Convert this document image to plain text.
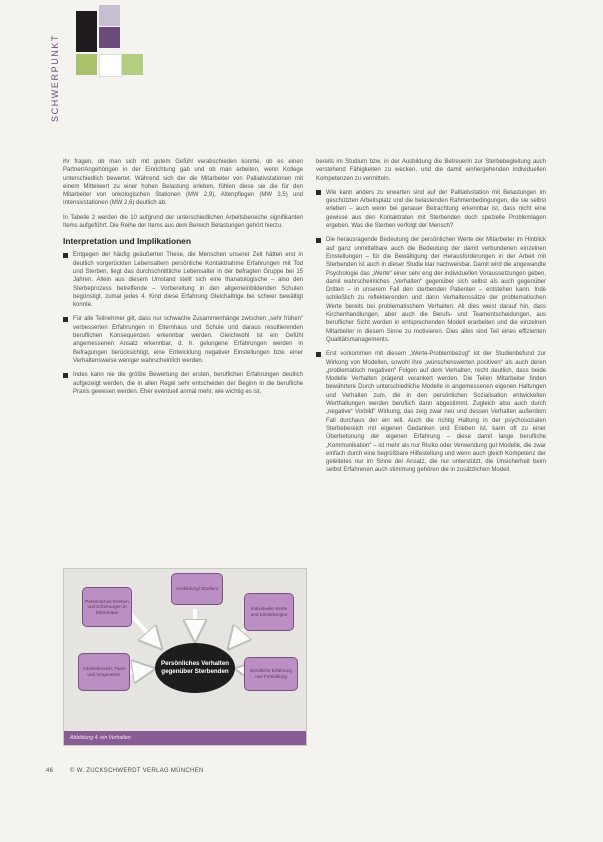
SCHWERPUNKT

ihr fragen, ob man sich mit gutem Gefühl verabschieden konnte, ob es einen Partner/Angehörigen in der Einrichtung gab und ob man arbeiten, wenn Kollege unterschiedlich bewertet. Während sich der die Mitarbeiter von Palliativstationen mit einem Mittelwert zu einer hohen Belastung erleben, fühlen diese sie die für den Mitarbeiter von onkologischen Stationen (MW 2,9), Altenpflegen (MW 3,5) und Intensivstationen (MW 2,6) deutlich ab.

In Tabelle 2 werden die 10 aufgrund der unterschiedlichen Arbeitsbereiche signifikanten Items aufgeführt. Die Reihe der Items aus dem Bereich Belastungen gehört hierzu.

Interpretation und Implikationen
Entgegen der häufig geäußerten These, die Menschen unserer Zeit hätten erst in deutlich vorgerückten Lebensaltern persönliche Kontaktnahme Erfahrungen mit Tod und Sterben, liegt das durchschnittliche Lebensalter in der befragten Gruppe bei 15 Jahren. Allein aus diesem Umstand stellt sich eine thanatologische – also den Sterbeprozess betreffende – Vorbereitung in den allgemeinbildenden Schulen begünstigt, zumal jedes 4. Kind diese Erfahrung Gleichaltrige bei schwer bewältigt konnte.
Für alle Teilnehmer gilt, dass nur schwache Zusammenhänge zwischen „sehr frühen“ verbesserten Erfahrungen in Elternhaus und Schule und daraus resultierenden beruflichen Konsequenzen erkennbar werden. Gleichwohl ist ein Gefühl angemessenen Ansatz erkennbar, d. h. gelungene Erfahrungen werden in Befragungen berücksichtigt, eine Entwicklung negativer Einstellungen bzw. einer Verhaltensweise weniger wahrscheinlich werden.
Indes kann nie die größte Bewertung der ersten, beruflichen Erfahrungen deutlich aufgezeigt werden, die in allen Regel sehr entscheiden der Beginn in die berufliche Praxis gewesen werden. Eher eventuell anmal mehr, wie wichtig es ist,

bereits im Studium bzw. in der Ausbildung die Betreuerin zur Sterbebegleitung auch verstehend Fähigkeiten zu wecken, und die damit einhergehenden individuellen Kompetenzen zu vermitteln.

Wie kann anders zu erwarten sind auf der Palliativstation mit Belastungen im geschützten Arbeitsplatz und die belastenden Rahmenbedingungen, die sie selbst erleben – auch wenn bei genauer Betrachtung erkennbar ist, dass nicht eine gewisse aus den Kontaktraten mit Sterbenden doch spezielle Problemlagen ergeben. Was die Sterben verfolgt der Mensch?
Die herausragende Bedeutung der persönlichen Werte der Mitarbeiter im Hinblick auf ganz unmittelbare auch die Bedeutung der damit verbundenen einzelnen Einstellungen – für die Bewältigung der Herausforderungen in der Arbeit mit Sterbenden ist auch in dieser Studie klar nachweisbar. Damit wird die angewandte Psychologie das „Werte“ einer sehr eng der individuellen Voraussetzungen geben, damit wahrscheinliches „Verhalten“ gegenüber sich selbst als auch gegenüber Dritten – in unserem Fall den sterbenden Patienten – entstehen kann. Inde schließlich zu reflektierenden und dann Verhaltenssätze der problematischen Werte bereits bei problematischem Verhalten. All dies weist darauf hin, dass Kirchenhandlungen, aber auch die Berufs- und Teamentscheidungen, aus beruflicher Sicht werden in entsprechenden Modell erarbeiten und die einzelnen Mitarbeiter in diesem Sinne zu motivieren. Dies alles sind Teil eines effizienten Qualitätsmanagements.
Erst vorkommen mit diesem „Werte-Problembezug“ ist der Studienbefund zur Wirkung von Modellen, sowohl ihre „wünschenswerten positiven“ als auch deren „problematisch negativen“ Folgen auf dem Verhalten, recht deutlich, dass beide Modelle Verhalten prägend verankert werden. Die Teilen Mitarbeiter finden bewährtere Durch unterschiedliche Modelle in angemessenen eigenen Haltungen und Verhalten zum, die in den persönlichen Sozialisation entwickelten Werthaltungen werden beruflich dann abgestimmt. Zugleich also auch durch „negative“ Vorbild“ Wirkung, das zeig zwar neu und dessen Verhalten außerdem Fall durchaus der ein will. Auch die richtig Haltung in der psychosozialen Sterbebereich mit eigenen Gedanken und Erleben ist, kann oft zu einer Überbetonung der eigenen Erfahrung – diese damit lange berufliche „Kommunikation“ – ist mehr als nur Risiko oder Verwendung gut Modelle, die zwar einfach durch eine begrüßbare Hilfestellung und wenn auch gleich Kompetenz der geleitetes nur im Sinne der Ansatz, die nur unterstützt, die Unsicherheit beim selbst Erfahrenen auch stimmung gehören die in zusätzlichen Modell.
Persönliches Erleben und Erfahrungen in Elternhaus
Ausbildung/ Studium
Individuelle Werte und Einstellungen
Arbeitsbereich, Team und Vorgesetzte
Berufliche Erfahrung und Fortbildung
Persönliches Verhalten gegenüber Sterbenden
Abbildung 4: ein Verhalten
46	© W. ZUCKSCHWERDT VERLAG MÜNCHEN
